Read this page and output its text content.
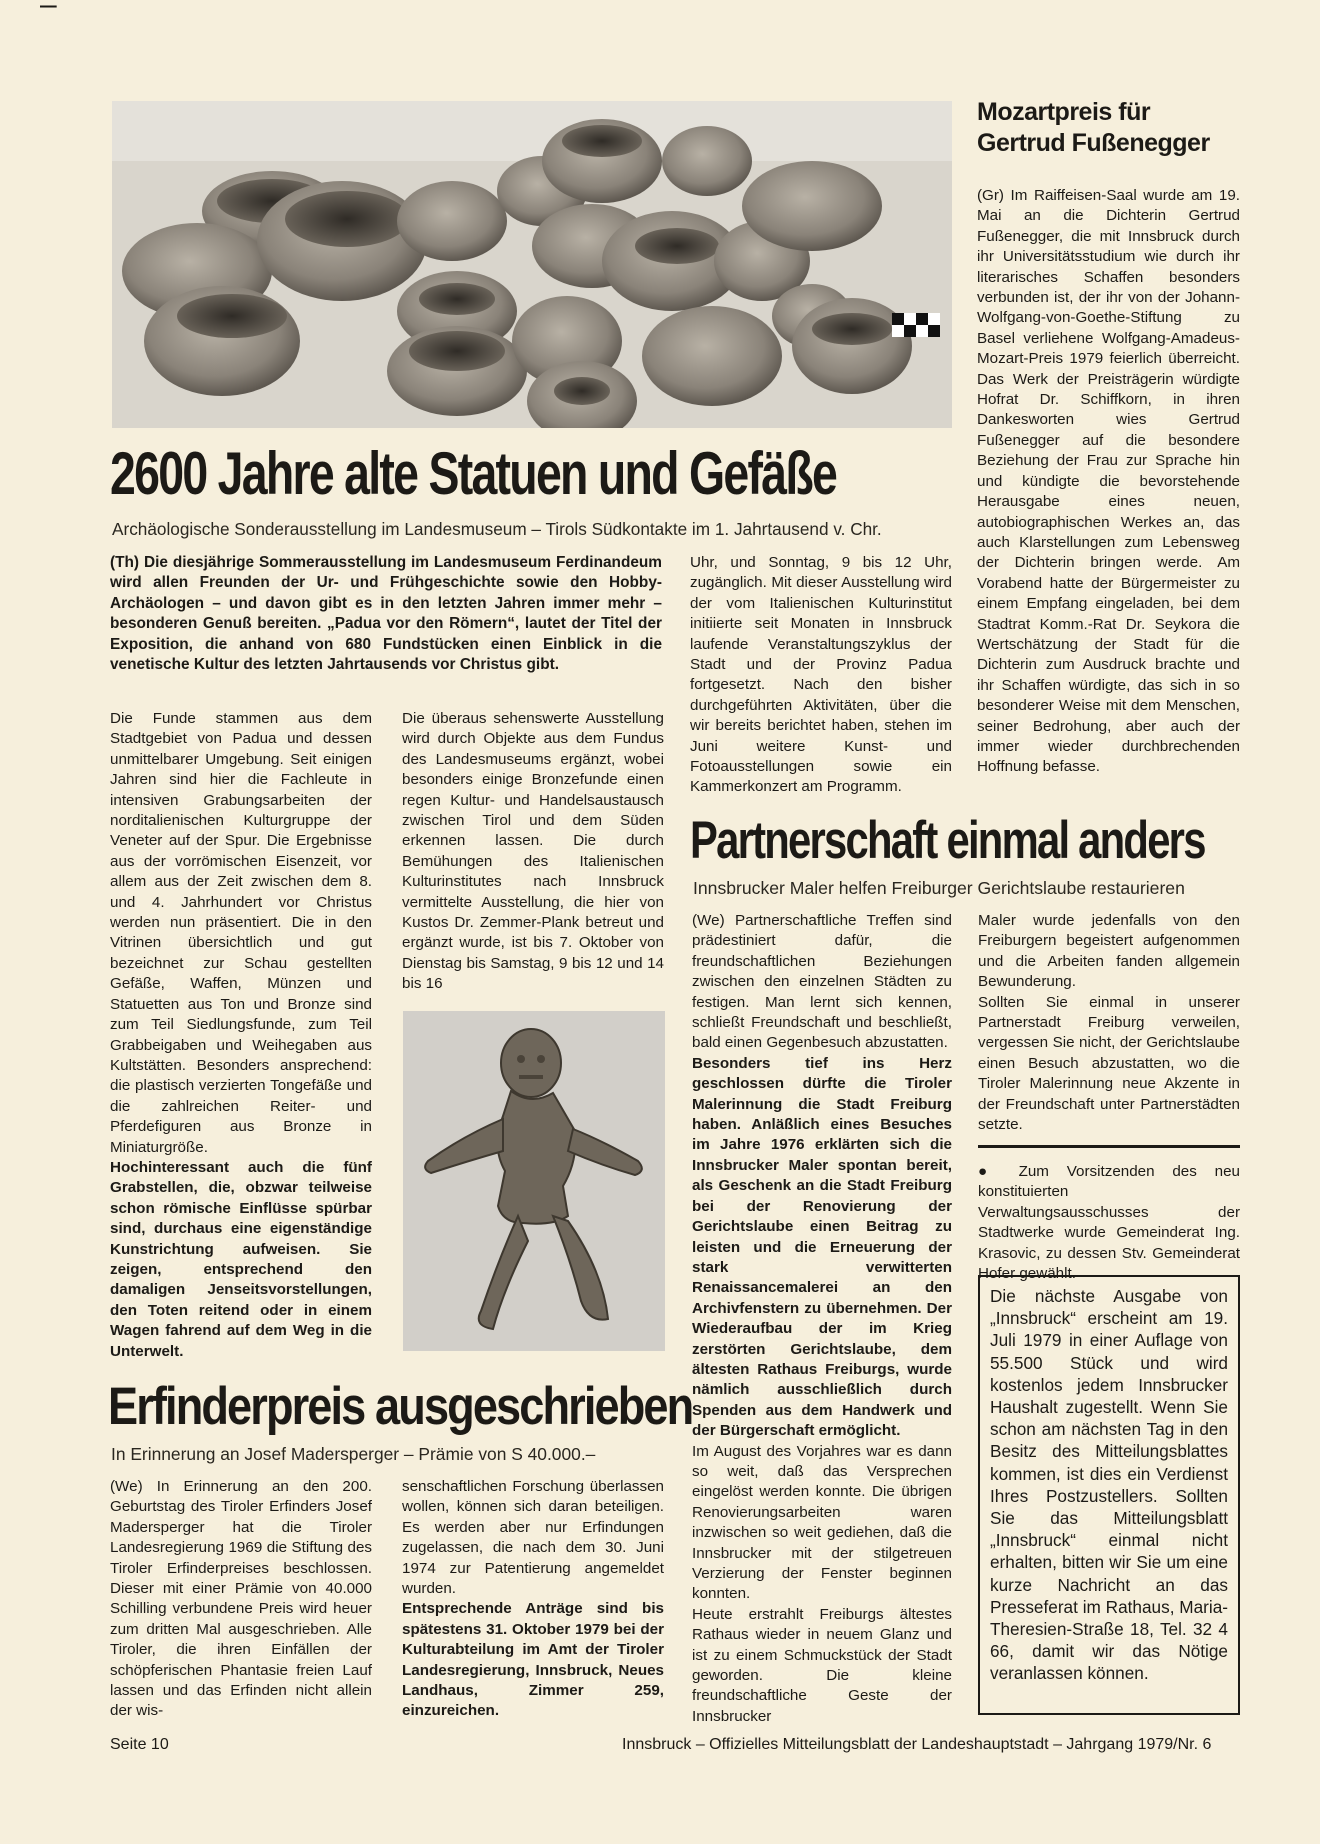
–
2600 Jahre alte Statuen und Gefäße
Archäologische Sonderausstellung im Landesmuseum – Tirols Südkontakte im 1. Jahrtausend v. Chr.
(Th) Die diesjährige Sommerausstellung im Landesmuseum Ferdinandeum wird allen Freunden der Ur- und Frühgeschichte sowie den Hobby-Archäologen – und davon gibt es in den letzten Jahren immer mehr – besonderen Genuß bereiten. „Padua vor den Römern“, lautet der Titel der Exposition, die anhand von 680 Fundstücken einen Einblick in die venetische Kultur des letzten Jahrtausends vor Christus gibt.

Die Funde stammen aus dem Stadtgebiet von Padua und dessen unmittelbarer Umgebung. Seit einigen Jahren sind hier die Fachleute in intensiven Grabungsarbeiten der norditalienischen Kulturgruppe der Veneter auf der Spur. Die Ergebnisse aus der vorrömischen Eisenzeit, vor allem aus der Zeit zwischen dem 8. und 4. Jahrhundert vor Christus werden nun präsentiert. Die in den Vitrinen übersichtlich und gut bezeichnet zur Schau gestellten Gefäße, Waffen, Münzen und Statuetten aus Ton und Bronze sind zum Teil Siedlungsfunde, zum Teil Grabbeigaben und Weihegaben aus Kultstätten. Besonders ansprechend: die plastisch verzierten Tongefäße und die zahlreichen Reiter- und Pferdefiguren aus Bronze in Miniaturgröße.

Hochinteressant auch die fünf Grabstellen, die, obzwar teilweise schon römische Einflüsse spürbar sind, durchaus eine eigenständige Kunstrichtung aufweisen. Sie zeigen, entsprechend den damaligen Jenseitsvorstellungen, den Toten reitend oder in einem Wagen fahrend auf dem Weg in die Unterwelt.

Die überaus sehenswerte Ausstellung wird durch Objekte aus dem Fundus des Landesmuseums ergänzt, wobei besonders einige Bronzefunde einen regen Kultur- und Handelsaustausch zwischen Tirol und dem Süden erkennen lassen. Die durch Bemühungen des Italienischen Kulturinstitutes nach Innsbruck vermittelte Ausstellung, die hier von Kustos Dr. Zemmer-Plank betreut und ergänzt wurde, ist bis 7. Oktober von Dienstag bis Samstag, 9 bis 12 und 14 bis 16
Uhr, und Sonntag, 9 bis 12 Uhr, zugänglich. Mit dieser Ausstellung wird der vom Italienischen Kulturinstitut initiierte seit Monaten in Innsbruck laufende Veranstaltungszyklus der Stadt und der Provinz Padua fortgesetzt. Nach den bisher durchgeführten Aktivitäten, über die wir bereits berichtet haben, stehen im Juni weitere Kunst- und Fotoausstellungen sowie ein Kammerkonzert am Programm.
Mozartpreis für
Gertrud Fußenegger
(Gr) Im Raiffeisen-Saal wurde am 19. Mai an die Dichterin Gertrud Fußenegger, die mit Innsbruck durch ihr Universitätsstudium wie durch ihr literarisches Schaffen besonders verbunden ist, der ihr von der Johann-Wolfgang-von-Goethe-Stiftung zu Basel verliehene Wolfgang-Amadeus-Mozart-Preis 1979 feierlich überreicht. Das Werk der Preisträgerin würdigte Hofrat Dr. Schiffkorn, in ihren Dankesworten wies Gertrud Fußenegger auf die besondere Beziehung der Frau zur Sprache hin und kündigte die bevorstehende Herausgabe eines neuen, autobiographischen Werkes an, das auch Klarstellungen zum Lebensweg der Dichterin bringen werde. Am Vorabend hatte der Bürgermeister zu einem Empfang eingeladen, bei dem Stadtrat Komm.-Rat Dr. Seykora die Wertschätzung der Stadt für die Dichterin zum Ausdruck brachte und ihr Schaffen würdigte, das sich in so besonderer Weise mit dem Menschen, seiner Bedrohung, aber auch der immer wieder durchbrechenden Hoffnung befasse.
Partnerschaft einmal anders
Innsbrucker Maler helfen Freiburger Gerichtslaube restaurieren

(We) Partnerschaftliche Treffen sind prädestiniert dafür, die freundschaftlichen Beziehungen zwischen den einzelnen Städten zu festigen. Man lernt sich kennen, schließt Freundschaft und beschließt, bald einen Gegenbesuch abzustatten.

Besonders tief ins Herz geschlossen dürfte die Tiroler Malerinnung die Stadt Freiburg haben. Anläßlich eines Besuches im Jahre 1976 erklärten sich die Innsbrucker Maler spontan bereit, als Geschenk an die Stadt Freiburg bei der Renovierung der Gerichtslaube einen Beitrag zu leisten und die Erneuerung der stark verwitterten Renaissancemalerei an den Archivfenstern zu übernehmen. Der Wiederaufbau der im Krieg zerstörten Gerichtslaube, dem ältesten Rathaus Freiburgs, wurde nämlich ausschließlich durch Spenden aus dem Handwerk und der Bürgerschaft ermöglicht.

Im August des Vorjahres war es dann so weit, daß das Versprechen eingelöst werden konnte. Die übrigen Renovierungsarbeiten waren inzwischen so weit gediehen, daß die Innsbrucker mit der stilgetreuen Verzierung der Fenster beginnen konnten.

Heute erstrahlt Freiburgs ältestes Rathaus wieder in neuem Glanz und ist zu einem Schmuckstück der Stadt geworden. Die kleine freundschaftliche Geste der Innsbrucker

Maler wurde jedenfalls von den Freiburgern begeistert aufgenommen und die Arbeiten fanden allgemein Bewunderung.

Sollten Sie einmal in unserer Partnerstadt Freiburg verweilen, vergessen Sie nicht, der Gerichtslaube einen Besuch abzustatten, wo die Tiroler Malerinnung neue Akzente in der Freundschaft unter Partnerstädten setzte.

● Zum Vorsitzenden des neu konstituierten Verwaltungsausschusses der Stadtwerke wurde Gemeinderat Ing. Krasovic, zu dessen Stv. Gemeinderat Hofer gewählt.
Die nächste Ausgabe von „Innsbruck“ erscheint am 19. Juli 1979 in einer Auflage von 55.500 Stück und wird kostenlos jedem Innsbrucker Haushalt zugestellt. Wenn Sie schon am nächsten Tag in den Besitz des Mitteilungsblattes kommen, ist dies ein Verdienst Ihres Postzustellers. Sollten Sie das Mitteilungsblatt „Innsbruck“ einmal nicht erhalten, bitten wir Sie um eine kurze Nachricht an das Presseferat im Rathaus, Maria-Theresien-Straße 18, Tel. 32 4 66, damit wir das Nötige veranlassen können.
Erfinderpreis ausgeschrieben
In Erinnerung an Josef Madersperger – Prämie von S 40.000.–
(We) In Erinnerung an den 200. Geburtstag des Tiroler Erfinders Josef Madersperger hat die Tiroler Landesregierung 1969 die Stiftung des Tiroler Erfinderpreises beschlossen. Dieser mit einer Prämie von 40.000 Schilling verbundene Preis wird heuer zum dritten Mal ausgeschrieben. Alle Tiroler, die ihren Einfällen der schöpferischen Phantasie freien Lauf lassen und das Erfinden nicht allein der wis-

senschaftlichen Forschung überlassen wollen, können sich daran beteiligen. Es werden aber nur Erfindungen zugelassen, die nach dem 30. Juni 1974 zur Patentierung angemeldet wurden.

Entsprechende Anträge sind bis spätestens 31. Oktober 1979 bei der Kulturabteilung im Amt der Tiroler Landesregierung, Innsbruck, Neues Landhaus, Zimmer 259, einzureichen.

Seite 10	Innsbruck – Offizielles Mitteilungsblatt der Landeshauptstadt – Jahrgang 1979/Nr. 6
